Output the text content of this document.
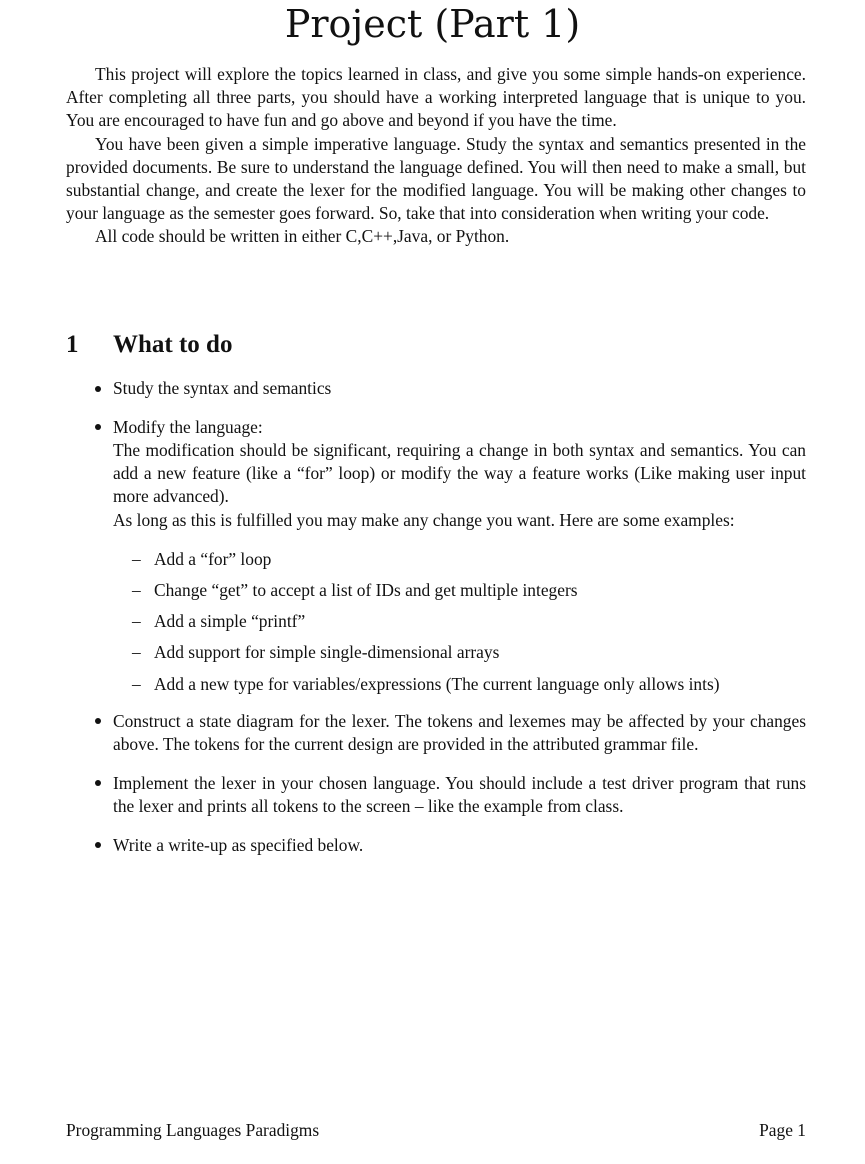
Project (Part 1)

This project will explore the topics learned in class, and give you some simple hands-on experience. After completing all three parts, you should have a working interpreted language that is unique to you. You are encouraged to have fun and go above and beyond if you have the time.

You have been given a simple imperative language. Study the syntax and semantics presented in the provided documents. Be sure to understand the language defined. You will then need to make a small, but substantial change, and create the lexer for the modified language. You will be making other changes to your language as the semester goes forward. So, take that into consideration when writing your code.

All code should be written in either C,C++,Java, or Python.

1 What to do
Study the syntax and semantics
Modify the language:
The modification should be significant, requiring a change in both syntax and semantics. You can add a new feature (like a “for” loop) or modify the way a feature works (Like making user input more advanced).
As long as this is fulfilled you may make any change you want. Here are some examples:
– Add a “for” loop
– Change “get” to accept a list of IDs and get multiple integers
– Add a simple “printf”
– Add support for simple single-dimensional arrays
– Add a new type for variables/expressions (The current language only allows ints)
Construct a state diagram for the lexer. The tokens and lexemes may be affected by your changes above. The tokens for the current design are provided in the attributed grammar file.
Implement the lexer in your chosen language. You should include a test driver program that runs the lexer and prints all tokens to the screen – like the example from class.
Write a write-up as specified below.
Programming Languages Paradigms	Page 1
